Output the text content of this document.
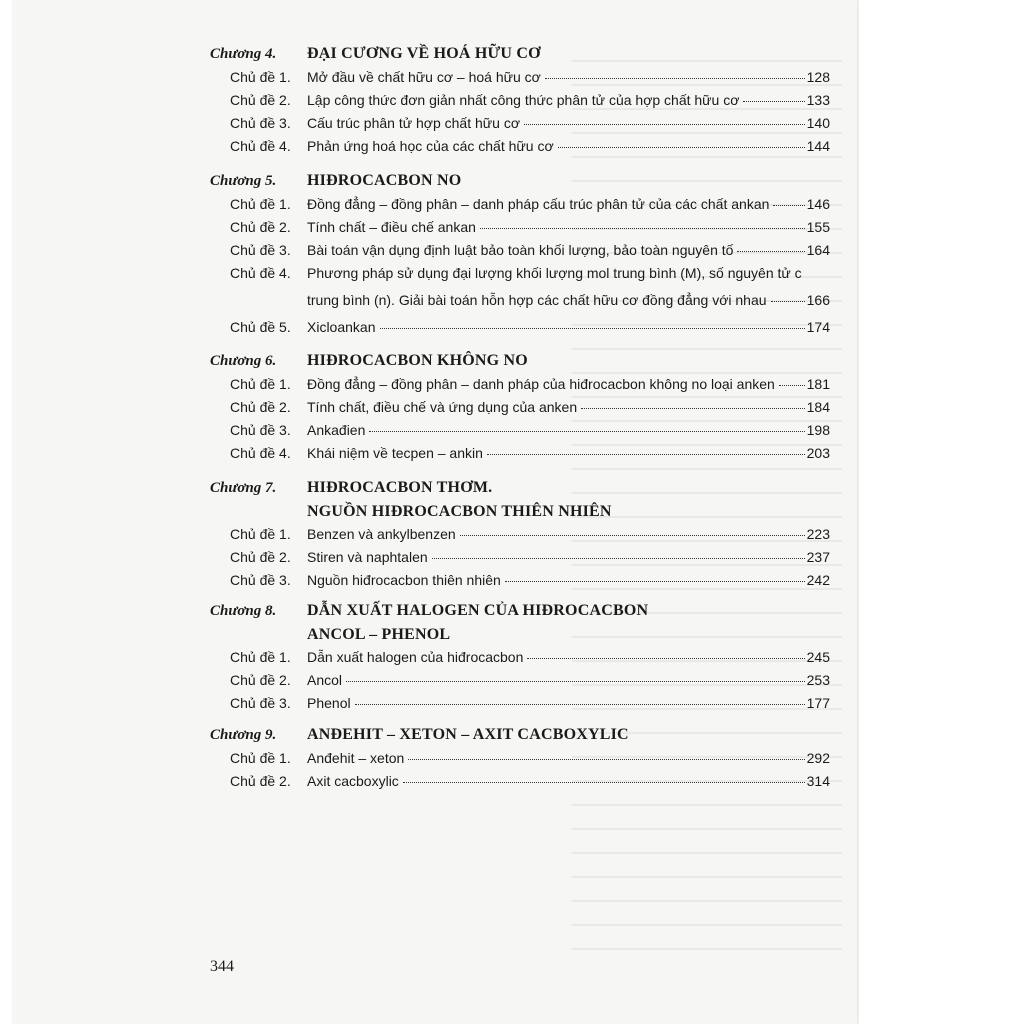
Chương 4.	ĐẠI CƯƠNG VỀ HOÁ HỮU CƠ
Chủ đề 1.	Mở đầu về chất hữu cơ – hoá hữu cơ	128
Chủ đề 2.	Lập công thức đơn giản nhất công thức phân tử của hợp chất hữu cơ	133
Chủ đề 3.	Cấu trúc phân tử hợp chất hữu cơ	140
Chủ đề 4.	Phản ứng hoá học của các chất hữu cơ	144
Chương 5.	HIĐROCACBON NO
Chủ đề 1.	Đồng đẳng – đồng phân – danh pháp cấu trúc phân tử của các chất ankan	146
Chủ đề 2.	Tính chất – điều chế ankan	155
Chủ đề 3.	Bài toán vận dụng định luật bảo toàn khối lượng, bảo toàn nguyên tố	164
Chủ đề 4.	Phương pháp sử dụng đại lượng khối lượng mol trung bình (M), số nguyên tử c
trung bình (n). Giải bài toán hỗn hợp các chất hữu cơ đồng đẳng với nhau	166
Chủ đề 5.	Xicloankan	174
Chương 6.	HIĐROCACBON KHÔNG NO
Chủ đề 1.	Đồng đẳng – đồng phân – danh pháp của hiđrocacbon không no loại anken 181
Chủ đề 2.	Tính chất, điều chế và ứng dụng của anken	184
Chủ đề 3.	Ankađien	198
Chủ đề 4.	Khái niệm về tecpen – ankin	203
Chương 7.	HIĐROCACBON THƠM.
NGUỒN HIĐROCACBON THIÊN NHIÊN
Chủ đề 1.	Benzen và ankylbenzen	223
Chủ đề 2.	Stiren và naphtalen	237
Chủ đề 3.	Nguồn hiđrocacbon thiên nhiên	242
Chương 8.	DẪN XUẤT HALOGEN CỦA HIĐROCACBON
ANCOL – PHENOL
Chủ đề 1.	Dẫn xuất halogen của hiđrocacbon	245
Chủ đề 2.	Ancol	253
Chủ đề 3.	Phenol	177
Chương 9.	ANĐEHIT – XETON – AXIT CACBOXYLIC
Chủ đề 1.	Anđehit – xeton	292
Chủ đề 2.	Axit cacboxylic	314
344
